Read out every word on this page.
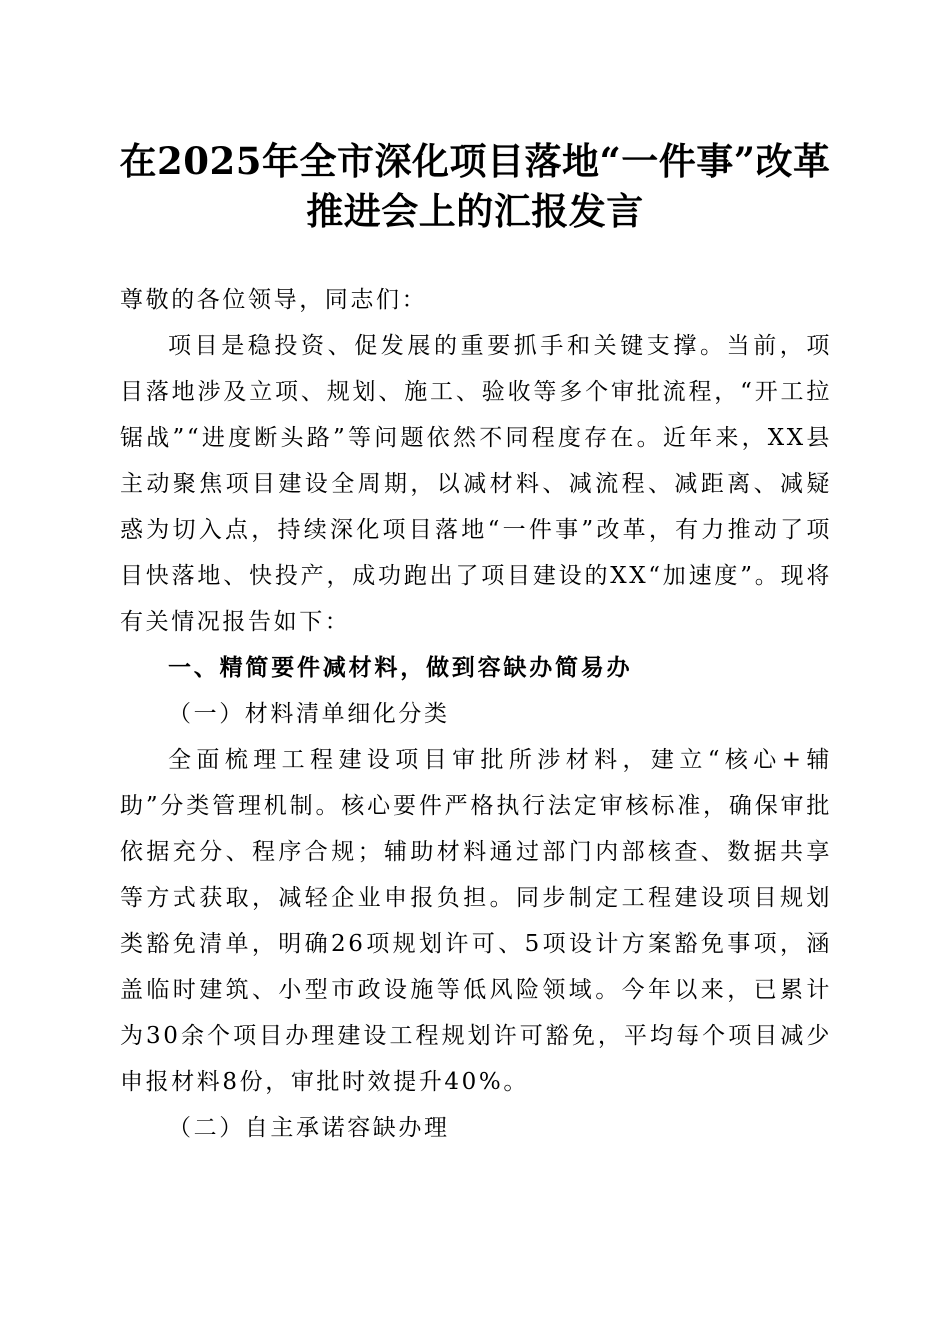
在2025年全市深化项目落地“一件事”改革
推进会上的汇报发言

尊敬的各位领导，同志们：

项目是稳投资、促发展的重要抓手和关键支撑。当前，项目落地涉及立项、规划、施工、验收等多个审批流程，“开工拉锯战”“进度断头路”等问题依然不同程度存在。近年来，XX县主动聚焦项目建设全周期，以减材料、减流程、减距离、减疑惑为切入点，持续深化项目落地“一件事”改革，有力推动了项目快落地、快投产，成功跑出了项目建设的XX“加速度”。现将有关情况报告如下：

一、精简要件减材料，做到容缺办简易办

（一）材料清单细化分类

全面梳理工程建设项目审批所涉材料，建立“核心+辅助”分类管理机制。核心要件严格执行法定审核标准，确保审批依据充分、程序合规；辅助材料通过部门内部核查、数据共享等方式获取，减轻企业申报负担。同步制定工程建设项目规划类豁免清单，明确26项规划许可、5项设计方案豁免事项，涵盖临时建筑、小型市政设施等低风险领域。今年以来，已累计为30余个项目办理建设工程规划许可豁免，平均每个项目减少申报材料8份，审批时效提升40%。

（二）自主承诺容缺办理
